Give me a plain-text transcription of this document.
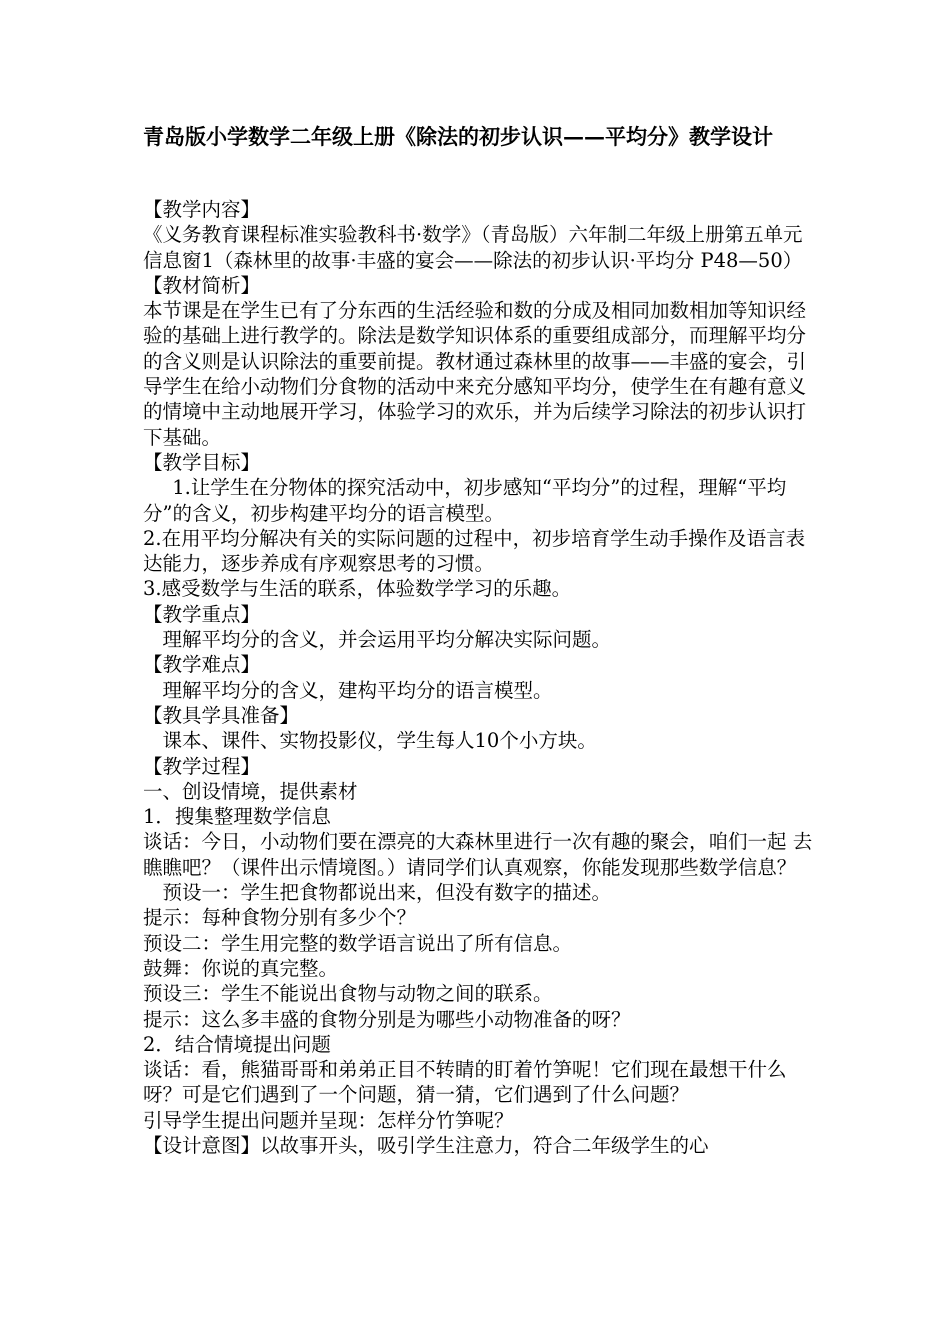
青岛版小学数学二年级上册《除法的初步认识——平均分》教学设计

【教学内容】

《义务教育课程标准实验教科书·数学》（青岛版）六年制二年级上册第五单元信息窗1（森林里的故事·丰盛的宴会——除法的初步认识·平均分 P48—50）

【教材简析】

本节课是在学生已有了分东西的生活经验和数的分成及相同加数相加等知识经验的基础上进行教学的。除法是数学知识体系的重要组成部分，而理解平均分的含义则是认识除法的重要前提。教材通过森林里的故事——丰盛的宴会，引导学生在给小动物们分食物的活动中来充分感知平均分，使学生在有趣有意义的情境中主动地展开学习，体验学习的欢乐，并为后续学习除法的初步认识打下基础。

【教学目标】

1.让学生在分物体的探究活动中，初步感知“平均分”的过程，理解“平均分”的含义，初步构建平均分的语言模型。

2.在用平均分解决有关的实际问题的过程中，初步培育学生动手操作及语言表达能力，逐步养成有序观察思考的习惯。

3.感受数学与生活的联系，体验数学学习的乐趣。

【教学重点】

理解平均分的含义，并会运用平均分解决实际问题。

【教学难点】

理解平均分的含义，建构平均分的语言模型。

【教具学具准备】

课本、课件、实物投影仪，学生每人10个小方块。

【教学过程】

一、创设情境，提供素材

1．搜集整理数学信息

谈话：今日，小动物们要在漂亮的大森林里进行一次有趣的聚会，咱们一起 去瞧瞧吧？（课件出示情境图。）请同学们认真观察，你能发现那些数学信息？

预设一：学生把食物都说出来，但没有数字的描述。

提示：每种食物分别有多少个？

预设二：学生用完整的数学语言说出了所有信息。

鼓舞：你说的真完整。

预设三：学生不能说出食物与动物之间的联系。

提示：这么多丰盛的食物分别是为哪些小动物准备的呀？

2．结合情境提出问题

谈话：看，熊猫哥哥和弟弟正目不转睛的盯着竹笋呢！它们现在最想干什么呀？可是它们遇到了一个问题，猜一猜，它们遇到了什么问题？

引导学生提出问题并呈现：怎样分竹笋呢？

【设计意图】以故事开头，吸引学生注意力，符合二年级学生的心
